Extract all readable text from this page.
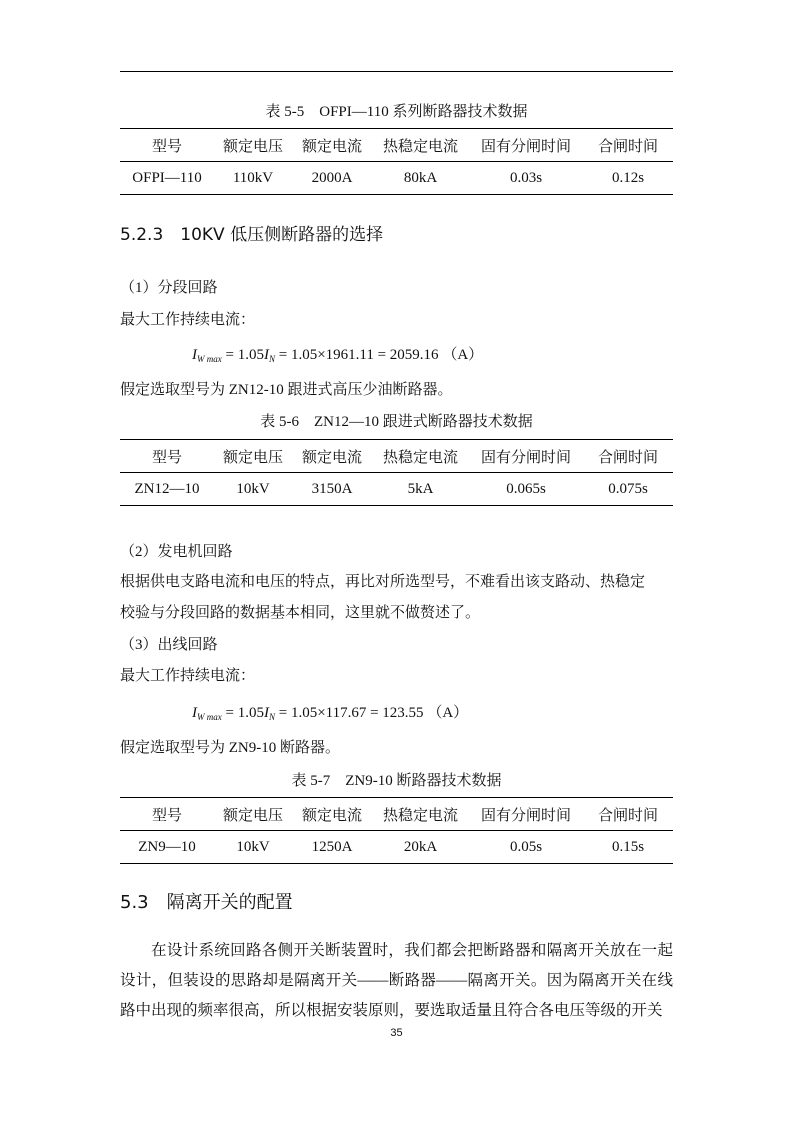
表 5-5　OFPI—110 系列断路器技术数据
型号	额定电压	额定电流	热稳定电流	固有分闸时间	合闸时间
OFPI—110	110kV	2000A	80kA	0.03s	0.12s
5.2.3　10KV 低压侧断路器的选择
（1）分段回路
最大工作持续电流：
$I_{W max} = 1.05I_N = 1.05\times 1961.11 = 2059.16$ （A）
假定选取型号为 ZN12-10 跟进式高压少油断路器。
表 5-6　ZN12—10 跟进式断路器技术数据
型号	额定电压	额定电流	热稳定电流	固有分闸时间	合闸时间
ZN12—10	10kV	3150A	5kA	0.065s	0.075s
（2）发电机回路
根据供电支路电流和电压的特点，再比对所选型号，不难看出该支路动、热稳定
校验与分段回路的数据基本相同，这里就不做赘述了。
（3）出线回路
最大工作持续电流：
$I_{W max} = 1.05I_N = 1.05\times 117.67 = 123.55$ （A）
假定选取型号为 ZN9-10 断路器。
表 5-7　ZN9-10 断路器技术数据
型号	额定电压	额定电流	热稳定电流	固有分闸时间	合闸时间
ZN9—10	10kV	1250A	20kA	0.05s	0.15s
5.3　隔离开关的配置
在设计系统回路各侧开关断装置时，我们都会把断路器和隔离开关放在一起设计，但装设的思路却是隔离开关——断路器——隔离开关。因为隔离开关在线路中出现的频率很高，所以根据安装原则，要选取适量且符合各电压等级的开关
35
